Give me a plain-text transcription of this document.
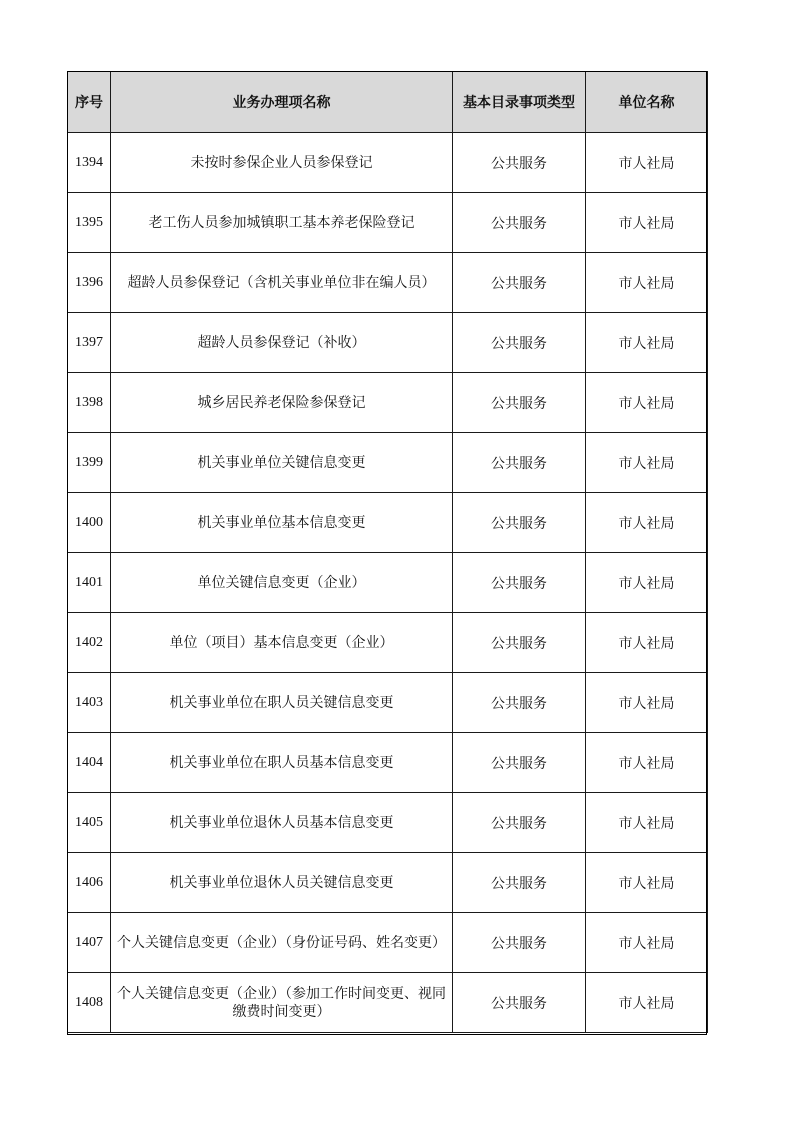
序号	业务办理项名称	基本目录事项类型	单位名称
1394	未按时参保企业人员参保登记	公共服务	市人社局
1395	老工伤人员参加城镇职工基本养老保险登记	公共服务	市人社局
1396	超龄人员参保登记（含机关事业单位非在编人员）	公共服务	市人社局
1397	超龄人员参保登记（补收）	公共服务	市人社局
1398	城乡居民养老保险参保登记	公共服务	市人社局
1399	机关事业单位关键信息变更	公共服务	市人社局
1400	机关事业单位基本信息变更	公共服务	市人社局
1401	单位关键信息变更（企业）	公共服务	市人社局
1402	单位（项目）基本信息变更（企业）	公共服务	市人社局
1403	机关事业单位在职人员关键信息变更	公共服务	市人社局
1404	机关事业单位在职人员基本信息变更	公共服务	市人社局
1405	机关事业单位退休人员基本信息变更	公共服务	市人社局
1406	机关事业单位退休人员关键信息变更	公共服务	市人社局
1407	个人关键信息变更（企业）（身份证号码、姓名变更）	公共服务	市人社局
1408	个人关键信息变更（企业）（参加工作时间变更、视同缴费时间变更）	公共服务	市人社局
